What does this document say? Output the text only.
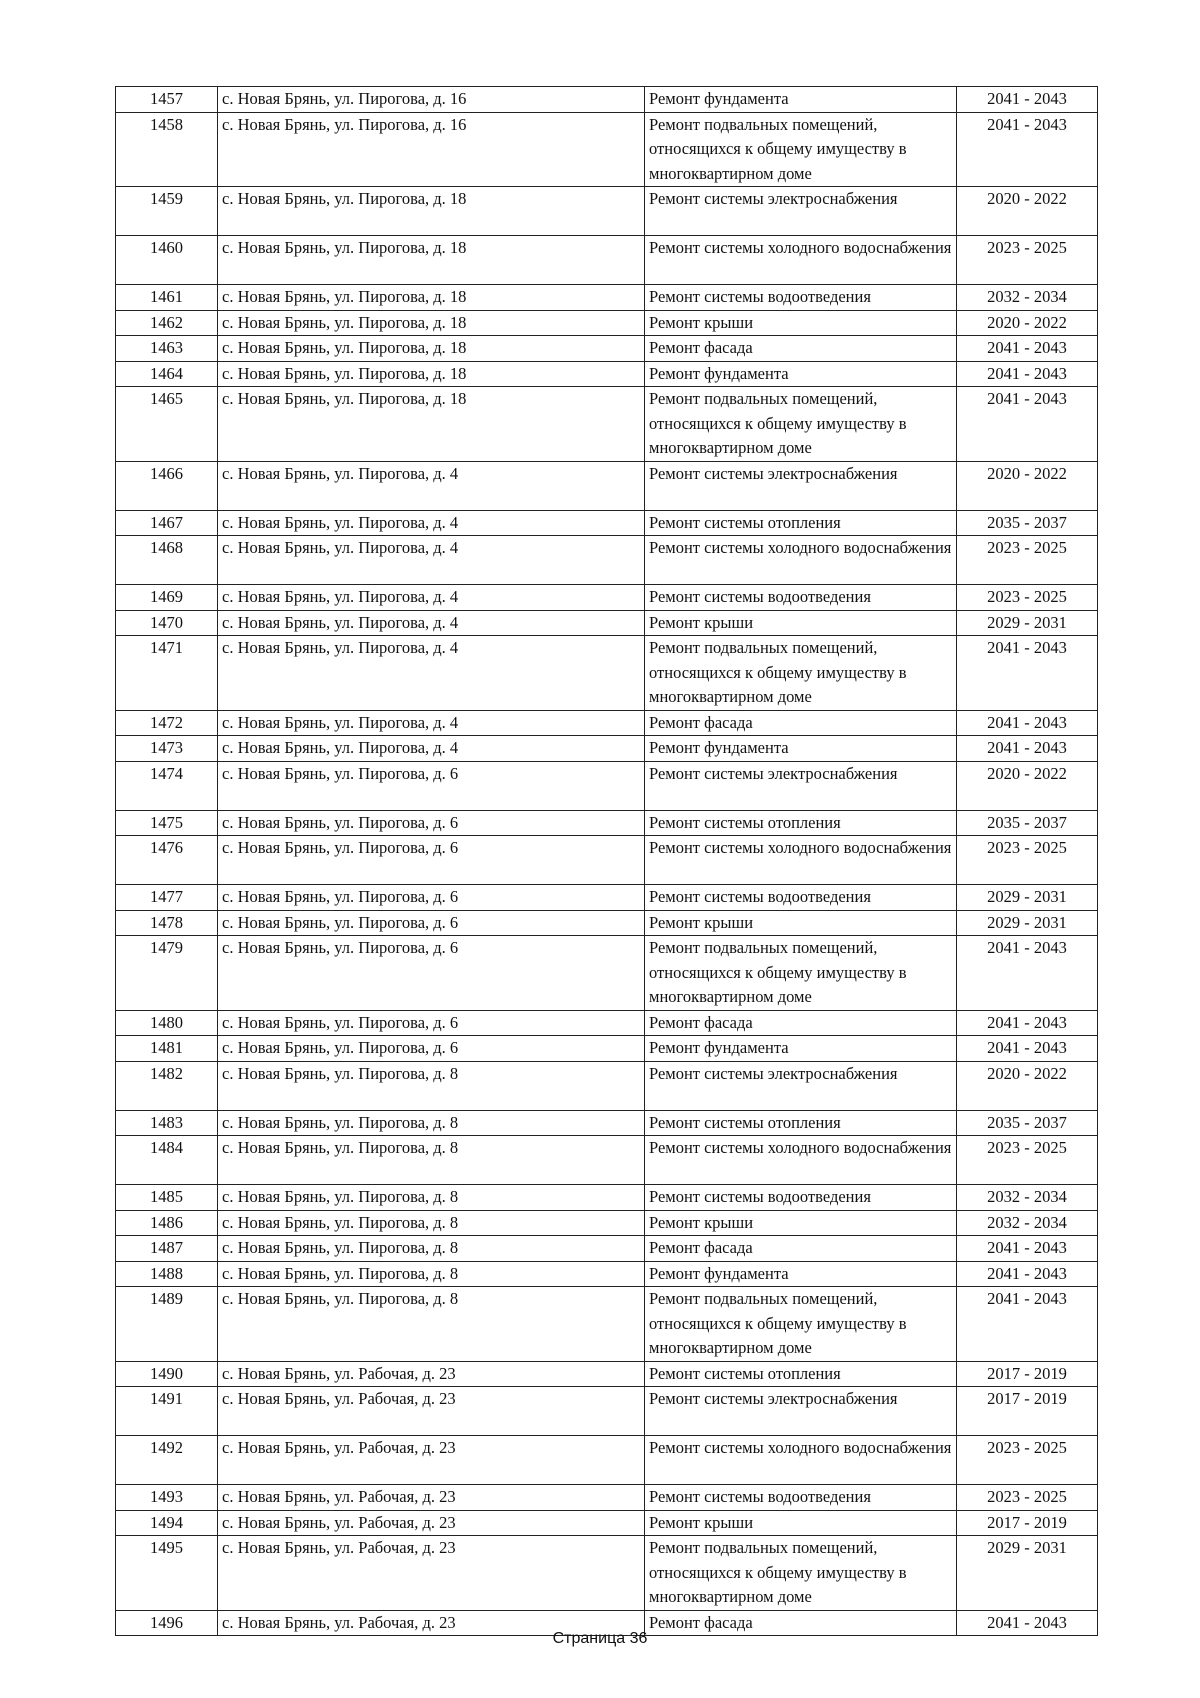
1457	с. Новая Брянь, ул. Пирогова, д. 16	Ремонт фундамента	2041 - 2043
1458	с. Новая Брянь, ул. Пирогова, д. 16	Ремонт подвальных помещений, относящихся к общему имуществу в многоквартирном доме	2041 - 2043
1459	с. Новая Брянь, ул. Пирогова, д. 18	Ремонт системы электроснабжения	2020 - 2022
1460	с. Новая Брянь, ул. Пирогова, д. 18	Ремонт системы холодного водоснабжения	2023 - 2025
1461	с. Новая Брянь, ул. Пирогова, д. 18	Ремонт системы водоотведения	2032 - 2034
1462	с. Новая Брянь, ул. Пирогова, д. 18	Ремонт крыши	2020 - 2022
1463	с. Новая Брянь, ул. Пирогова, д. 18	Ремонт фасада	2041 - 2043
1464	с. Новая Брянь, ул. Пирогова, д. 18	Ремонт фундамента	2041 - 2043
1465	с. Новая Брянь, ул. Пирогова, д. 18	Ремонт подвальных помещений, относящихся к общему имуществу в многоквартирном доме	2041 - 2043
1466	с. Новая Брянь, ул. Пирогова, д. 4	Ремонт системы электроснабжения	2020 - 2022
1467	с. Новая Брянь, ул. Пирогова, д. 4	Ремонт системы отопления	2035 - 2037
1468	с. Новая Брянь, ул. Пирогова, д. 4	Ремонт системы холодного водоснабжения	2023 - 2025
1469	с. Новая Брянь, ул. Пирогова, д. 4	Ремонт системы водоотведения	2023 - 2025
1470	с. Новая Брянь, ул. Пирогова, д. 4	Ремонт крыши	2029 - 2031
1471	с. Новая Брянь, ул. Пирогова, д. 4	Ремонт подвальных помещений, относящихся к общему имуществу в многоквартирном доме	2041 - 2043
1472	с. Новая Брянь, ул. Пирогова, д. 4	Ремонт фасада	2041 - 2043
1473	с. Новая Брянь, ул. Пирогова, д. 4	Ремонт фундамента	2041 - 2043
1474	с. Новая Брянь, ул. Пирогова, д. 6	Ремонт системы электроснабжения	2020 - 2022
1475	с. Новая Брянь, ул. Пирогова, д. 6	Ремонт системы отопления	2035 - 2037
1476	с. Новая Брянь, ул. Пирогова, д. 6	Ремонт системы холодного водоснабжения	2023 - 2025
1477	с. Новая Брянь, ул. Пирогова, д. 6	Ремонт системы водоотведения	2029 - 2031
1478	с. Новая Брянь, ул. Пирогова, д. 6	Ремонт крыши	2029 - 2031
1479	с. Новая Брянь, ул. Пирогова, д. 6	Ремонт подвальных помещений, относящихся к общему имуществу в многоквартирном доме	2041 - 2043
1480	с. Новая Брянь, ул. Пирогова, д. 6	Ремонт фасада	2041 - 2043
1481	с. Новая Брянь, ул. Пирогова, д. 6	Ремонт фундамента	2041 - 2043
1482	с. Новая Брянь, ул. Пирогова, д. 8	Ремонт системы электроснабжения	2020 - 2022
1483	с. Новая Брянь, ул. Пирогова, д. 8	Ремонт системы отопления	2035 - 2037
1484	с. Новая Брянь, ул. Пирогова, д. 8	Ремонт системы холодного водоснабжения	2023 - 2025
1485	с. Новая Брянь, ул. Пирогова, д. 8	Ремонт системы водоотведения	2032 - 2034
1486	с. Новая Брянь, ул. Пирогова, д. 8	Ремонт крыши	2032 - 2034
1487	с. Новая Брянь, ул. Пирогова, д. 8	Ремонт фасада	2041 - 2043
1488	с. Новая Брянь, ул. Пирогова, д. 8	Ремонт фундамента	2041 - 2043
1489	с. Новая Брянь, ул. Пирогова, д. 8	Ремонт подвальных помещений, относящихся к общему имуществу в многоквартирном доме	2041 - 2043
1490	с. Новая Брянь, ул. Рабочая, д. 23	Ремонт системы отопления	2017 - 2019
1491	с. Новая Брянь, ул. Рабочая, д. 23	Ремонт системы электроснабжения	2017 - 2019
1492	с. Новая Брянь, ул. Рабочая, д. 23	Ремонт системы холодного водоснабжения	2023 - 2025
1493	с. Новая Брянь, ул. Рабочая, д. 23	Ремонт системы водоотведения	2023 - 2025
1494	с. Новая Брянь, ул. Рабочая, д. 23	Ремонт крыши	2017 - 2019
1495	с. Новая Брянь, ул. Рабочая, д. 23	Ремонт подвальных помещений, относящихся к общему имуществу в многоквартирном доме	2029 - 2031
1496	с. Новая Брянь, ул. Рабочая, д. 23	Ремонт фасада	2041 - 2043
Страница 36
